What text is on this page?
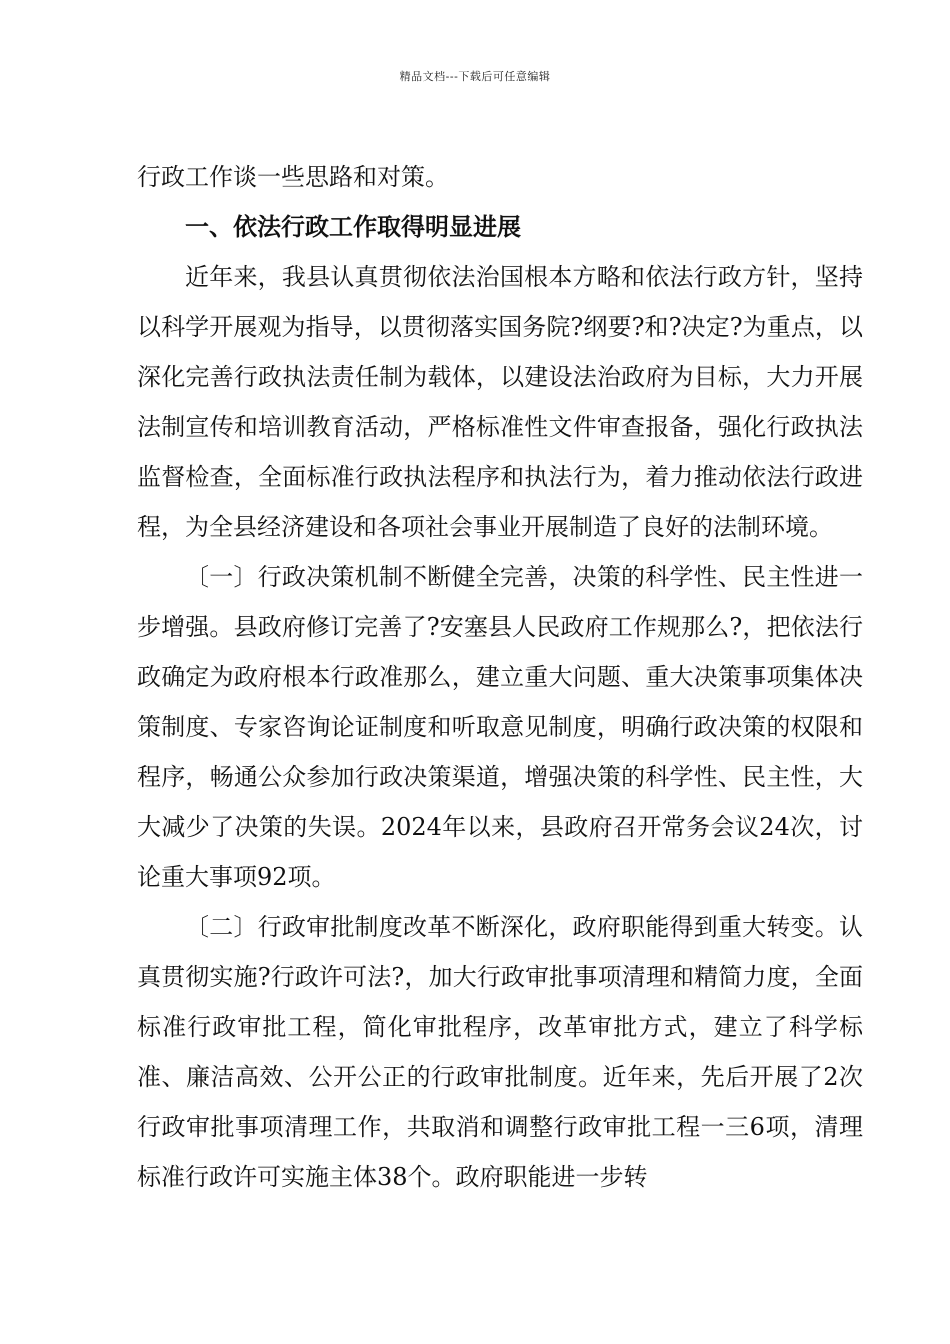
精品文档---下载后可任意编辑

行政工作谈一些思路和对策。

一、依法行政工作取得明显进展

近年来，我县认真贯彻依法治国根本方略和依法行政方针，坚持以科学开展观为指导，以贯彻落实国务院?纲要?和?决定?为重点，以深化完善行政执法责任制为载体，以建设法治政府为目标，大力开展法制宣传和培训教育活动，严格标准性文件审查报备，强化行政执法监督检查，全面标准行政执法程序和执法行为，着力推动依法行政进程，为全县经济建设和各项社会事业开展制造了良好的法制环境。

〔一〕行政决策机制不断健全完善，决策的科学性、民主性进一步增强。县政府修订完善了?安塞县人民政府工作规那么?，把依法行政确定为政府根本行政准那么，建立重大问题、重大决策事项集体决策制度、专家咨询论证制度和听取意见制度，明确行政决策的权限和程序，畅通公众参加行政决策渠道，增强决策的科学性、民主性，大大减少了决策的失误。2024年以来，县政府召开常务会议24次，讨论重大事项92项。

〔二〕行政审批制度改革不断深化，政府职能得到重大转变。认真贯彻实施?行政许可法?，加大行政审批事项清理和精简力度，全面标准行政审批工程，简化审批程序，改革审批方式，建立了科学标准、廉洁高效、公开公正的行政审批制度。近年来，先后开展了2次行政审批事项清理工作，共取消和调整行政审批工程一三6项，清理标准行政许可实施主体38个。政府职能进一步转
